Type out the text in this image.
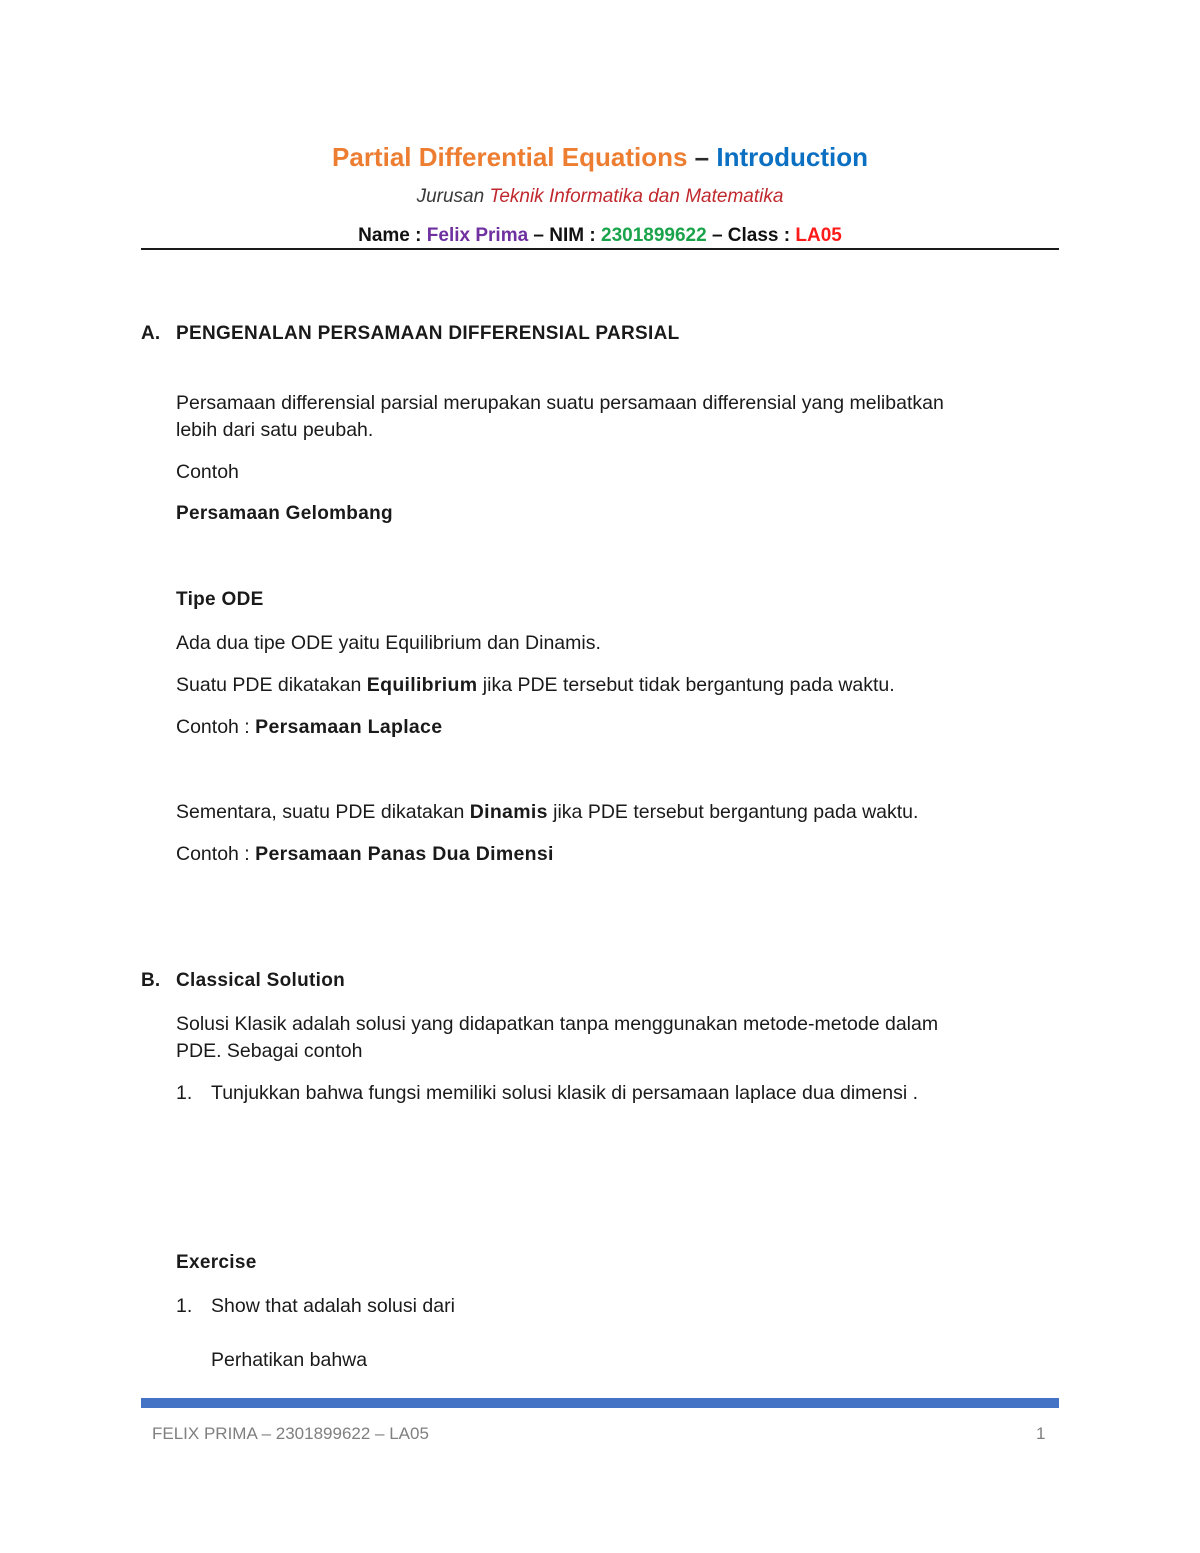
Partial Differential Equations – Introduction
Jurusan Teknik Informatika dan Matematika
Name : Felix Prima – NIM : 2301899622 – Class : LA05
A. PENGENALAN PERSAMAAN DIFFERENSIAL PARSIAL
Persamaan differensial parsial merupakan suatu persamaan differensial yang melibatkan
lebih dari satu peubah.
Contoh
Persamaan Gelombang
Tipe ODE
Ada dua tipe ODE yaitu Equilibrium dan Dinamis.
Suatu PDE dikatakan Equilibrium jika PDE tersebut tidak bergantung pada waktu.
Contoh : Persamaan Laplace
Sementara, suatu PDE dikatakan Dinamis jika PDE tersebut bergantung pada waktu.
Contoh : Persamaan Panas Dua Dimensi
B. Classical Solution
Solusi Klasik adalah solusi yang didapatkan tanpa menggunakan metode-metode dalam
PDE. Sebagai contoh
1. Tunjukkan bahwa fungsi memiliki solusi klasik di persamaan laplace dua dimensi .
Exercise
1. Show that adalah solusi dari
Perhatikan bahwa
FELIX PRIMA – 2301899622 – LA05	1
